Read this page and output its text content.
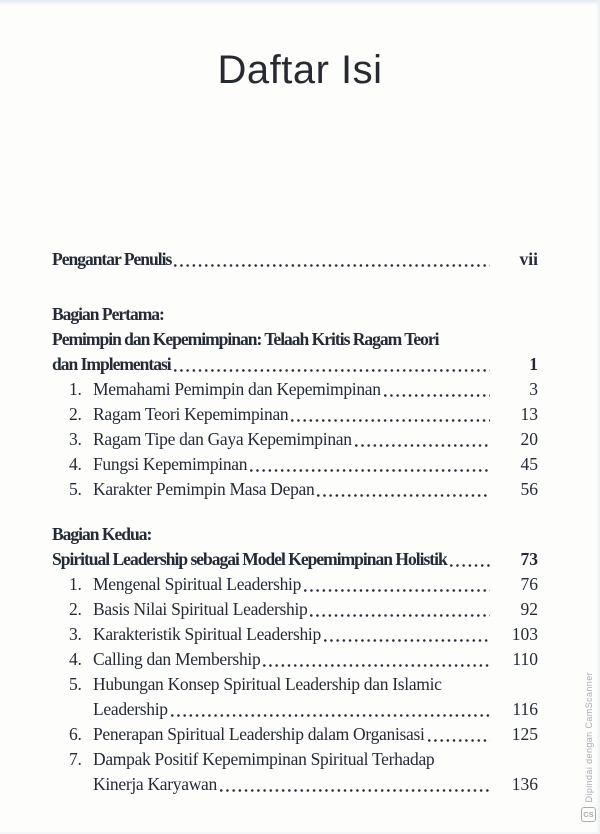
Daftar Isi
Pengantar Penulis	vii
Bagian Pertama:
Pemimpin dan Kepemimpinan: Telaah Kritis Ragam Teori
dan Implementasi	1
1. Memahami Pemimpin dan Kepemimpinan	3
2. Ragam Teori Kepemimpinan	13
3. Ragam Tipe dan Gaya Kepemimpinan	20
4. Fungsi Kepemimpinan	45
5. Karakter Pemimpin Masa Depan	56
Bagian Kedua:
Spiritual Leadership sebagai Model Kepemimpinan Holistik	73
1. Mengenal Spiritual Leadership	76
2. Basis Nilai Spiritual Leadership	92
3. Karakteristik Spiritual Leadership	103
4. Calling dan Membership	110
5. Hubungan Konsep Spiritual Leadership dan Islamic
Leadership	116
6. Penerapan Spiritual Leadership dalam Organisasi	125
7. Dampak Positif Kepemimpinan Spiritual Terhadap
Kinerja Karyawan	136	Dipindai dengan CamScanner
CS
